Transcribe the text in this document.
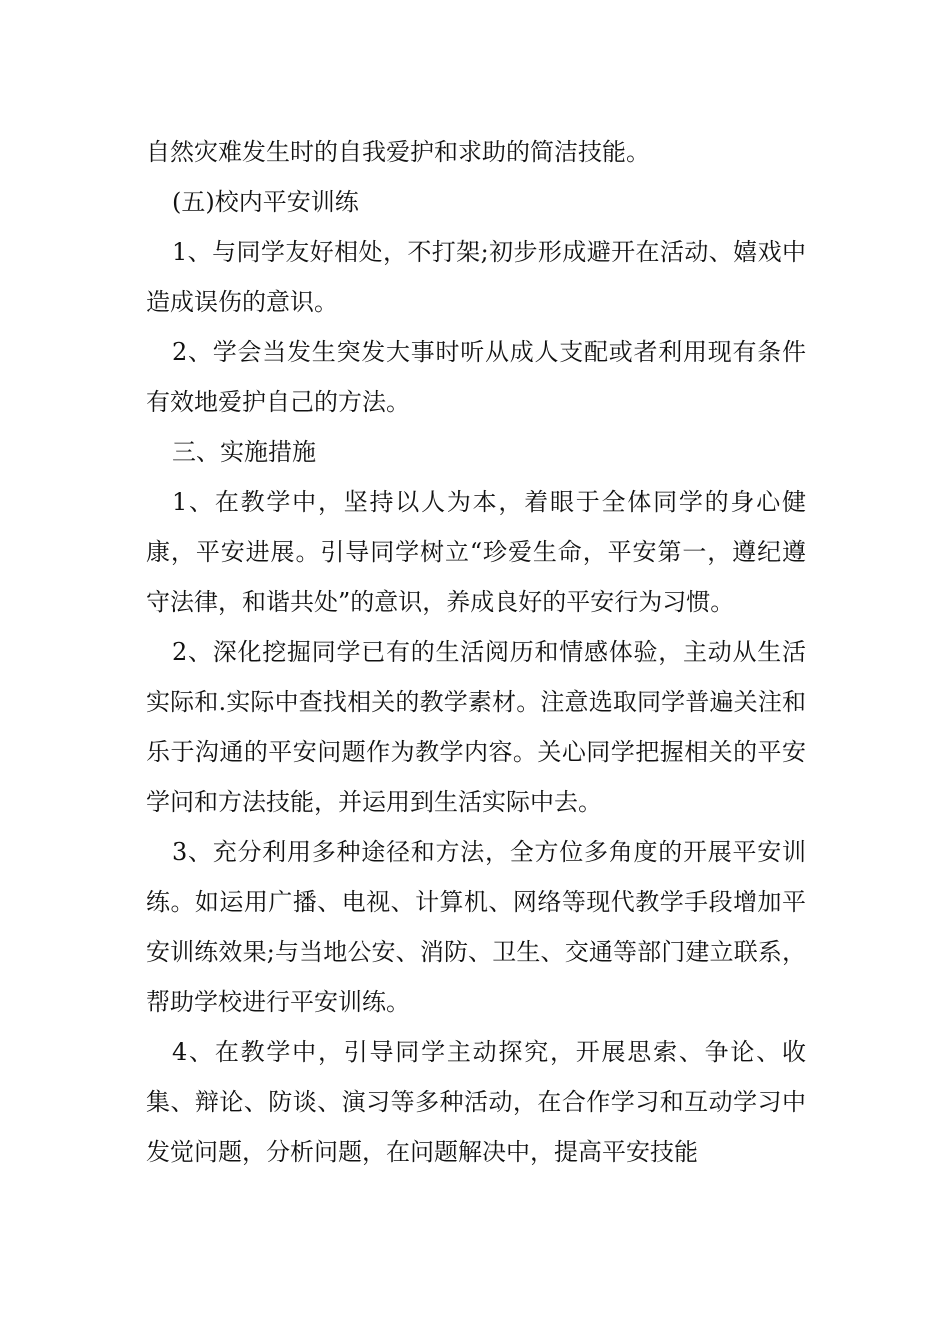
自然灾难发生时的自我爱护和求助的简洁技能。

(五)校内平安训练

1、与同学友好相处，不打架;初步形成避开在活动、嬉戏中造成误伤的意识。

2、学会当发生突发大事时听从成人支配或者利用现有条件有效地爱护自己的方法。

三、实施措施

1、在教学中，坚持以人为本，着眼于全体同学的身心健康，平安进展。引导同学树立“珍爱生命，平安第一，遵纪遵守法律，和谐共处”的意识，养成良好的平安行为习惯。

2、深化挖掘同学已有的生活阅历和情感体验，主动从生活实际和.实际中查找相关的教学素材。注意选取同学普遍关注和乐于沟通的平安问题作为教学内容。关心同学把握相关的平安学问和方法技能，并运用到生活实际中去。

3、充分利用多种途径和方法，全方位多角度的开展平安训练。如运用广播、电视、计算机、网络等现代教学手段增加平安训练效果;与当地公安、消防、卫生、交通等部门建立联系，帮助学校进行平安训练。

4、在教学中，引导同学主动探究，开展思索、争论、收集、辩论、防谈、演习等多种活动，在合作学习和互动学习中发觉问题，分析问题，在问题解决中，提高平安技能
